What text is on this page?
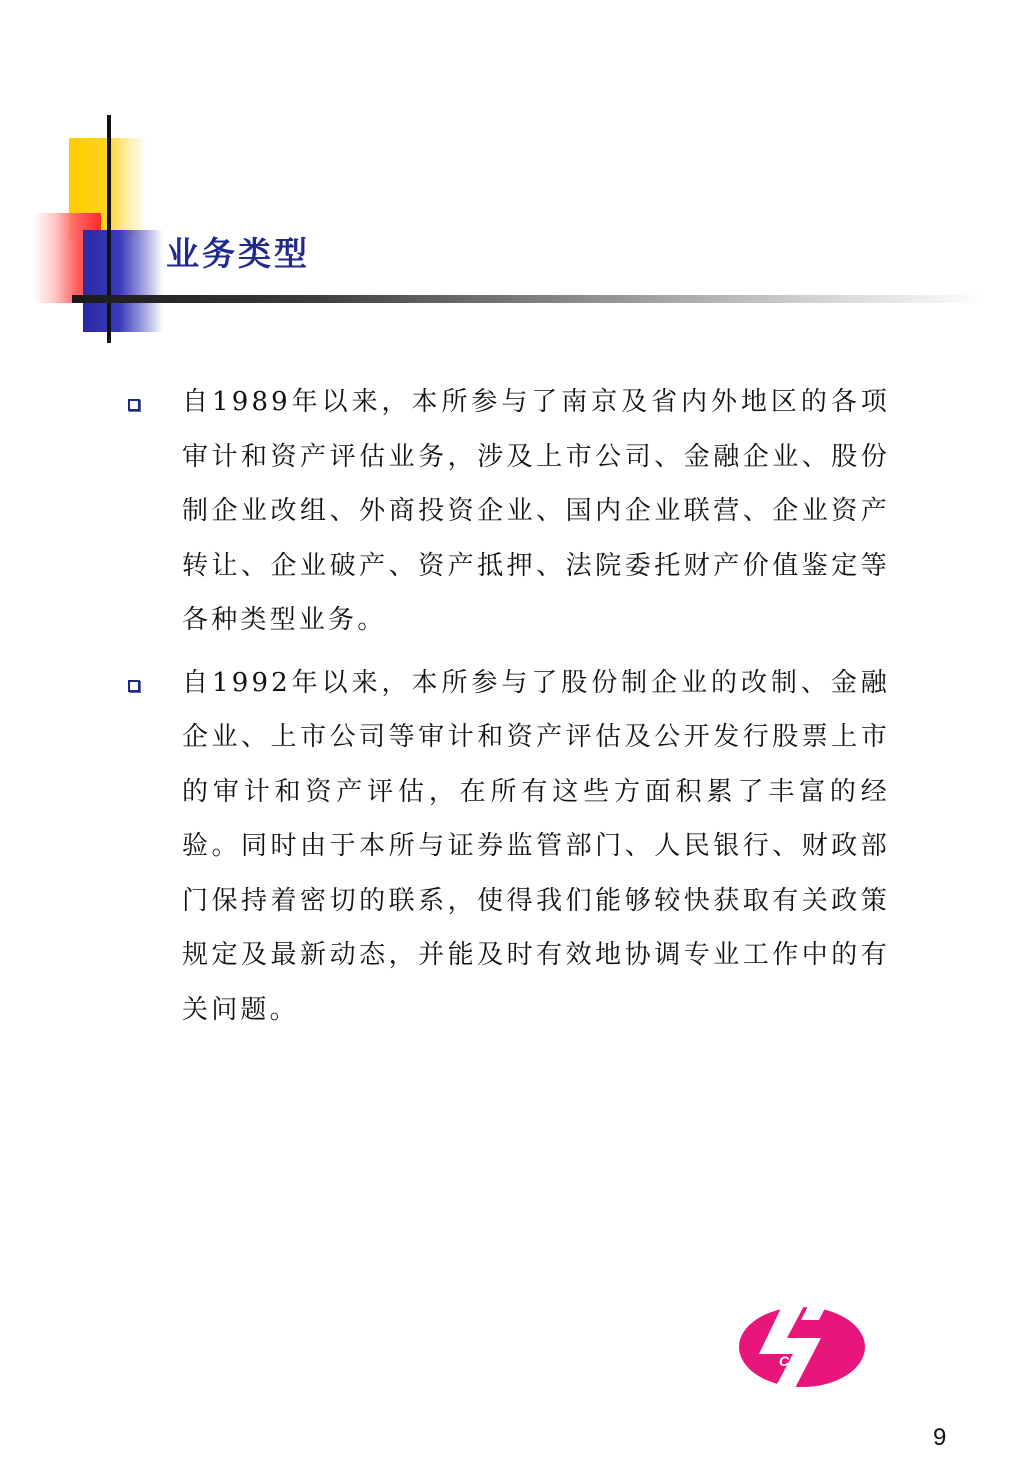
业务类型
自1989年以来，本所参与了南京及省内外地区的各项审计和资产评估业务，涉及上市公司、金融企业、股份制企业改组、外商投资企业、国内企业联营、企业资产转让、企业破产、资产抵押、法院委托财产价值鉴定等各种类型业务。
自1992年以来，本所参与了股份制企业的改制、金融企业、上市公司等审计和资产评估及公开发行股票上市的审计和资产评估，在所有这些方面积累了丰富的经验。同时由于本所与证券监管部门、人民银行、财政部门保持着密切的联系，使得我们能够较快获取有关政策规定及最新动态，并能及时有效地协调专业工作中的有关问题。
CPA
9
